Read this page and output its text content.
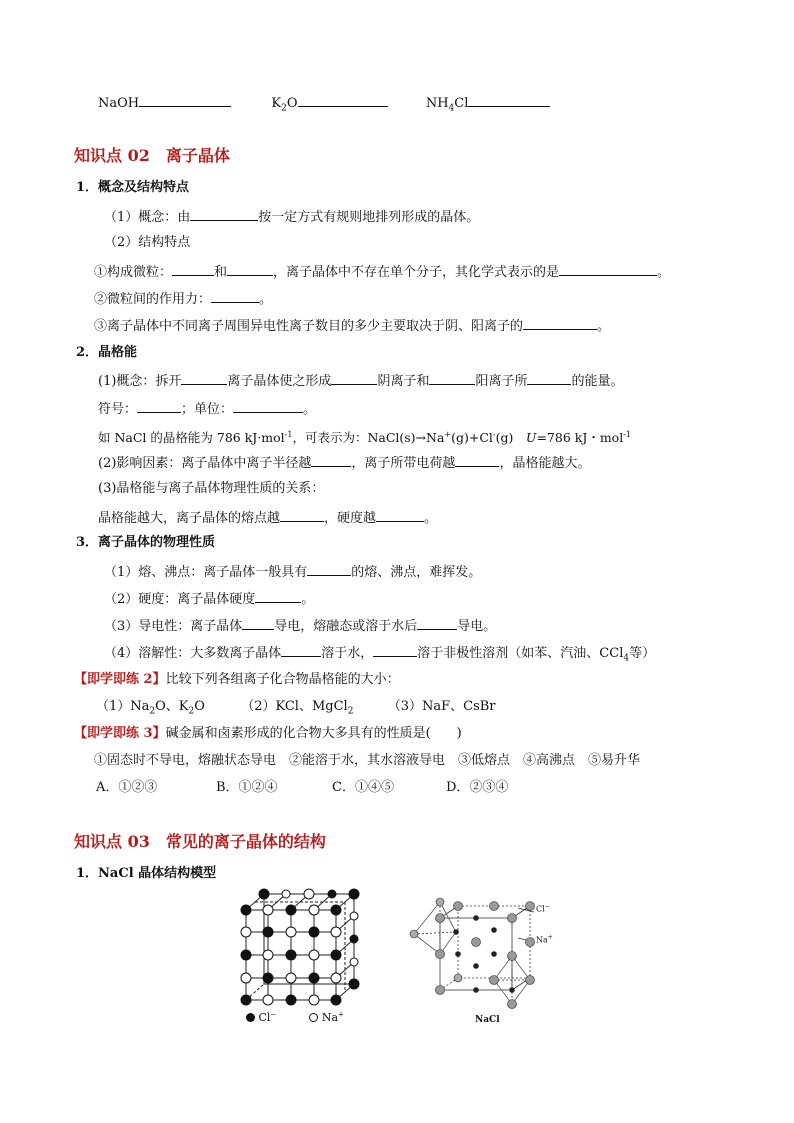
NaOH	$K_2O$	$NH_4Cl$
知识点 02　离子晶体
1．概念及结构特点
（1）概念：由	按一定方式有规则地排列形成的晶体。
（2）结构特点
①构成微粒：	和	，离子晶体中不存在单个分子，其化学式表示的是	。
②微粒间的作用力：	。
③离子晶体中不同离子周围异电性离子数目的多少主要取决于阴、阳离子的	。
2．晶格能
(1)概念：拆开	离子晶体使之形成	阴离子和	阳离子所	的能量。
符号：	；单位：	。
如 NaCl 的晶格能为 786 kJ·mol$^{-1}$，可表示为：NaCl(s)→Na+(g)+Cl-(g)　U=786 kJ・mol$^{-1}$
(2)影响因素：离子晶体中离子半径越	，离子所带电荷越	，晶格能越大。
(3)晶格能与离子晶体物理性质的关系：
晶格能越大，离子晶体的熔点越	，硬度越	。
3．离子晶体的物理性质
（1）熔、沸点：离子晶体一般具有	的熔、沸点，难挥发。
（2）硬度：离子晶体硬度	。
（3）导电性：离子晶体 导电，熔融态或溶于水后	导电。
（4）溶解性：大多数离子晶体	溶于水，	溶于非极性溶剂（如苯、汽油、CCl$_4$等）
【即学即练 2】比较下列各组离子化合物晶格能的大小：
$(1)Na_2O$、$K_2O$	（2）KCl、MgCl$_2$	（3）NaF、CsBr
【即学即练 3】碱金属和卤素形成的化合物大多具有的性质是( )
①固态时不导电，熔融状态导电　②能溶于水，其水溶液导电　③低熔点　④高沸点　⑤易升华
A．①②③	B．①②④	C．①④⑤	D．②③④
知识点 03　常见的离子晶体的结构
1．NaCl 晶体结构模型
Cl−	Na+
Cl−
Na+
NaCl
